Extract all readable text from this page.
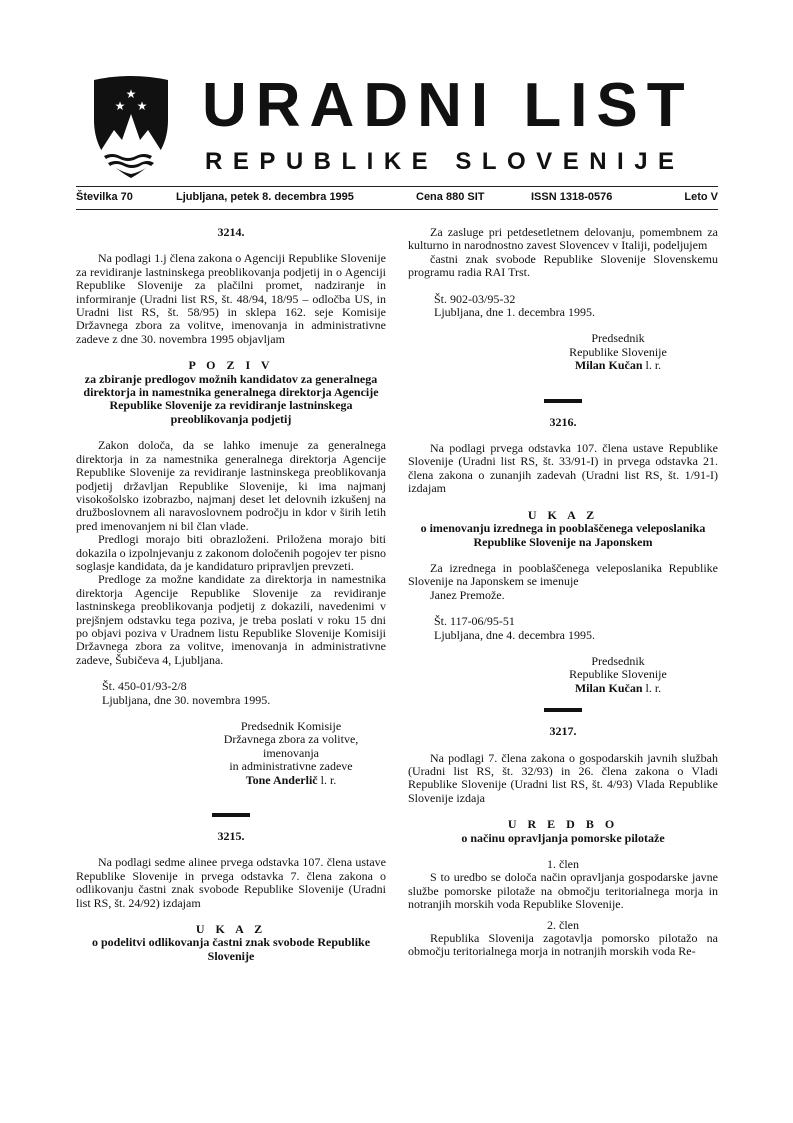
★
★ ★ URADNI LIST
REPUBLIKE SLOVENIJE
Številka 70	Ljubljana, petek 8. decembra 1995	Cena 880 SIT	ISSN 1318-0576	Leto V

3214.

Na podlagi 1.j člena zakona o Agenciji Republike Slovenije za revidiranje lastninskega preoblikovanja podjetij in o Agenciji Republike Slovenije za plačilni promet, nadziranje in informiranje (Uradni list RS, št. 48/94, 18/95 – odločba US, in Uradni list RS, št. 58/95) in sklepa 162. seje Komisije Državnega zbora za volitve, imenovanja in administrativne zadeve z dne 30. novembra 1995 objavljam

P O Z I V

za zbiranje predlogov možnih kandidatov za generalnega direktorja in namestnika generalnega direktorja Agencije Republike Slovenije za revidiranje lastninskega preoblikovanja podjetij

Zakon določa, da se lahko imenuje za generalnega direktorja in za namestnika generalnega direktorja Agencije Republike Slovenije za revidiranje lastninskega preoblikovanja podjetij državljan Republike Slovenije, ki ima najmanj visokošolsko izobrazbo, najmanj deset let delovnih izkušenj na družboslovnem ali naravoslovnem področju in kdor v širih letih pred imenovanjem ni bil član vlade.

Predlogi morajo biti obrazloženi. Priložena morajo biti dokazila o izpolnjevanju z zakonom določenih pogojev ter pisno soglasje kandidata, da je kandidaturo pripravljen prevzeti.

Predloge za možne kandidate za direktorja in namestnika direktorja Agencije Republike Slovenije za revidiranje lastninskega preoblikovanja podjetij z dokazili, navedenimi v prejšnjem odstavku tega poziva, je treba poslati v roku 15 dni po objavi poziva v Uradnem listu Republike Slovenije Komisiji Državnega zbora za volitve, imenovanja in administrativne zadeve, Šubičeva 4, Ljubljana.

Št. 450-01/93-2/8

Ljubljana, dne 30. novembra 1995.

Predsednik Komisije

Državnega zbora za volitve,

imenovanja

in administrativne zadeve

Tone Anderlič l. r.

3215.

Na podlagi sedme alinee prvega odstavka 107. člena ustave Republike Slovenije in prvega odstavka 7. člena zakona o odlikovanju častni znak svobode Republike Slovenije (Uradni list RS, št. 24/92) izdajam

U K A Z

o podelitvi odlikovanja častni znak svobode Republike Slovenije

Za zasluge pri petdesetletnem delovanju, pomembnem za kulturno in narodnostno zavest Slovencev v Italiji, podeljujem

častni znak svobode Republike Slovenije Slovenskemu programu radia RAI Trst.

Št. 902-03/95-32

Ljubljana, dne 1. decembra 1995.

Predsednik

Republike Slovenije

Milan Kučan l. r.

3216.

Na podlagi prvega odstavka 107. člena ustave Republike Slovenije (Uradni list RS, št. 33/91-I) in prvega odstavka 21. člena zakona o zunanjih zadevah (Uradni list RS, št. 1/91-I) izdajam

U K A Z

o imenovanju izrednega in pooblaščenega veleposlanika Republike Slovenije na Japonskem

Za izrednega in pooblaščenega veleposlanika Republike Slovenije na Japonskem se imenuje

Janez Premože.

Št. 117-06/95-51

Ljubljana, dne 4. decembra 1995.

Predsednik

Republike Slovenije

Milan Kučan l. r.

3217.

Na podlagi 7. člena zakona o gospodarskih javnih službah (Uradni list RS, št. 32/93) in 26. člena zakona o Vladi Republike Slovenije (Uradni list RS, št. 4/93) Vlada Republike Slovenije izdaja

U R E D B O

o načinu opravljanja pomorske pilotaže

1. člen

S to uredbo se določa način opravljanja gospodarske javne službe pomorske pilotaže na območju teritorialnega morja in notranjih morskih voda Republike Slovenije.

2. člen

Republika Slovenija zagotavlja pomorsko pilotažo na območju teritorialnega morja in notranjih morskih voda Re-
